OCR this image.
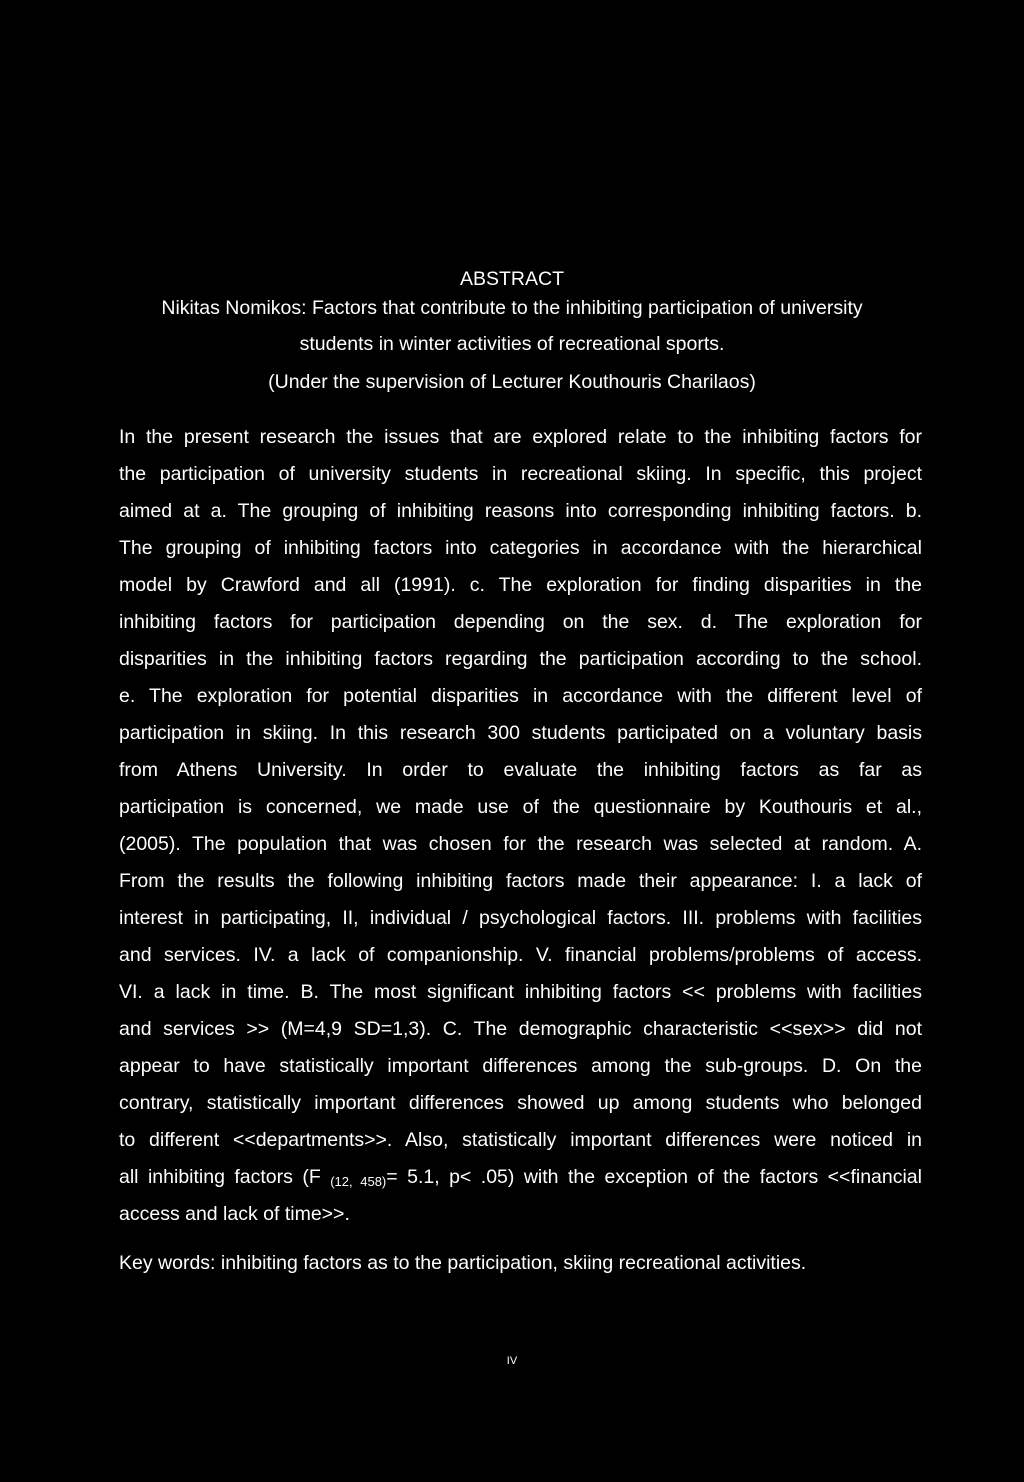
ABSTRACT
Nikitas Nomikos: Factors that contribute to the inhibiting participation of university
students in winter activities of recreational sports.
(Under the supervision of Lecturer Kouthouris Charilaos)
In the present research the issues that are explored relate to the inhibiting factors for
the participation of university students in recreational skiing. In specific, this project
aimed at a. The grouping of inhibiting reasons into corresponding inhibiting factors. b.
The grouping of inhibiting factors into categories in accordance with the hierarchical
model by Crawford and all (1991). c. The exploration for finding disparities in the
inhibiting factors for participation depending on the sex. d. The exploration for
disparities in the inhibiting factors regarding the participation according to the school.
e. The exploration for potential disparities in accordance with the different level of
participation in skiing. In this research 300 students participated on a voluntary basis
from Athens University. In order to evaluate the inhibiting factors as far as
participation is concerned, we made use of the questionnaire by Kouthouris et al.,
(2005). The population that was chosen for the research was selected at random. A.
From the results the following inhibiting factors made their appearance: I. a lack of
interest in participating, II, individual / psychological factors. III. problems with facilities
and services. IV. a lack of companionship. V. financial problems/problems of access.
VI. a lack in time. B. The most significant inhibiting factors << problems with facilities
and services >> (M=4,9 SD=1,3). C. The demographic characteristic <<sex>> did not
appear to have statistically important differences among the sub-groups. D. On the
contrary, statistically important differences showed up among students who belonged
to different <<departments>>. Also, statistically important differences were noticed in
all inhibiting factors (F $_{(12, 458)}$= 5.1, p< .05) with the exception of the factors <<financial
access and lack of time>>.
Key words: inhibiting factors as to the participation, skiing recreational activities.
IV
